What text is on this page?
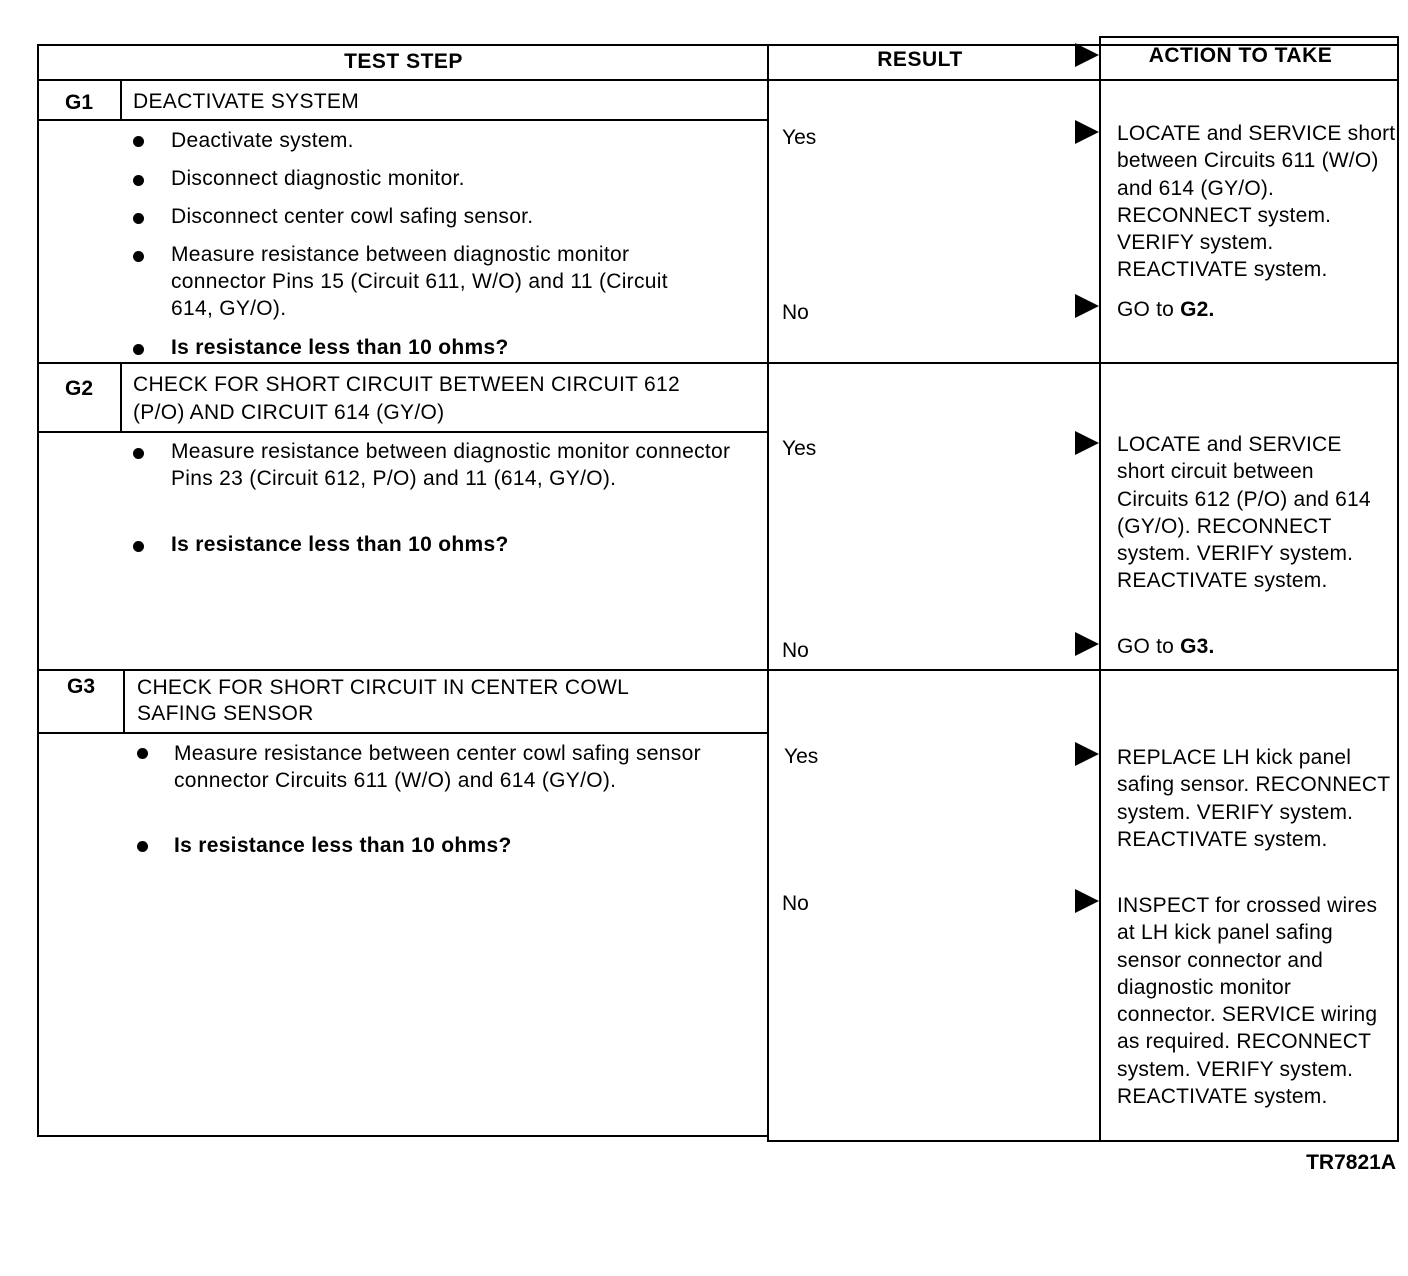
TEST STEP	RESULT	ACTION TO TAKE
G1	DEACTIVATE SYSTEM
Deactivate system.
Disconnect diagnostic monitor.
Disconnect center cowl safing sensor.
Measure resistance between diagnostic monitor connector Pins 15 (Circuit 611, W/O) and 11 (Circuit 614, GY/O).
Is resistance less than 10 ohms?
Yes	LOCATE and SERVICE short between Circuits 611 (W/O) and 614 (GY/O). RECONNECT system. VERIFY system. REACTIVATE system.
No	GO to G2.
G2	CHECK FOR SHORT CIRCUIT BETWEEN CIRCUIT 612 (P/O) AND CIRCUIT 614 (GY/O)
Measure resistance between diagnostic monitor connector Pins 23 (Circuit 612, P/O) and 11 (614, GY/O).
Is resistance less than 10 ohms?
Yes	LOCATE and SERVICE short circuit between Circuits 612 (P/O) and 614 (GY/O). RECONNECT system. VERIFY system. REACTIVATE system.
No	GO to G3.
G3	CHECK FOR SHORT CIRCUIT IN CENTER COWL SAFING SENSOR
Measure resistance between center cowl safing sensor connector Circuits 611 (W/O) and 614 (GY/O).
Is resistance less than 10 ohms?
Yes	REPLACE LH kick panel safing sensor. RECONNECT system. VERIFY system. REACTIVATE system.
No	INSPECT for crossed wires at LH kick panel safing sensor connector and diagnostic monitor connector. SERVICE wiring as required. RECONNECT system. VERIFY system. REACTIVATE system.
TR7821A
